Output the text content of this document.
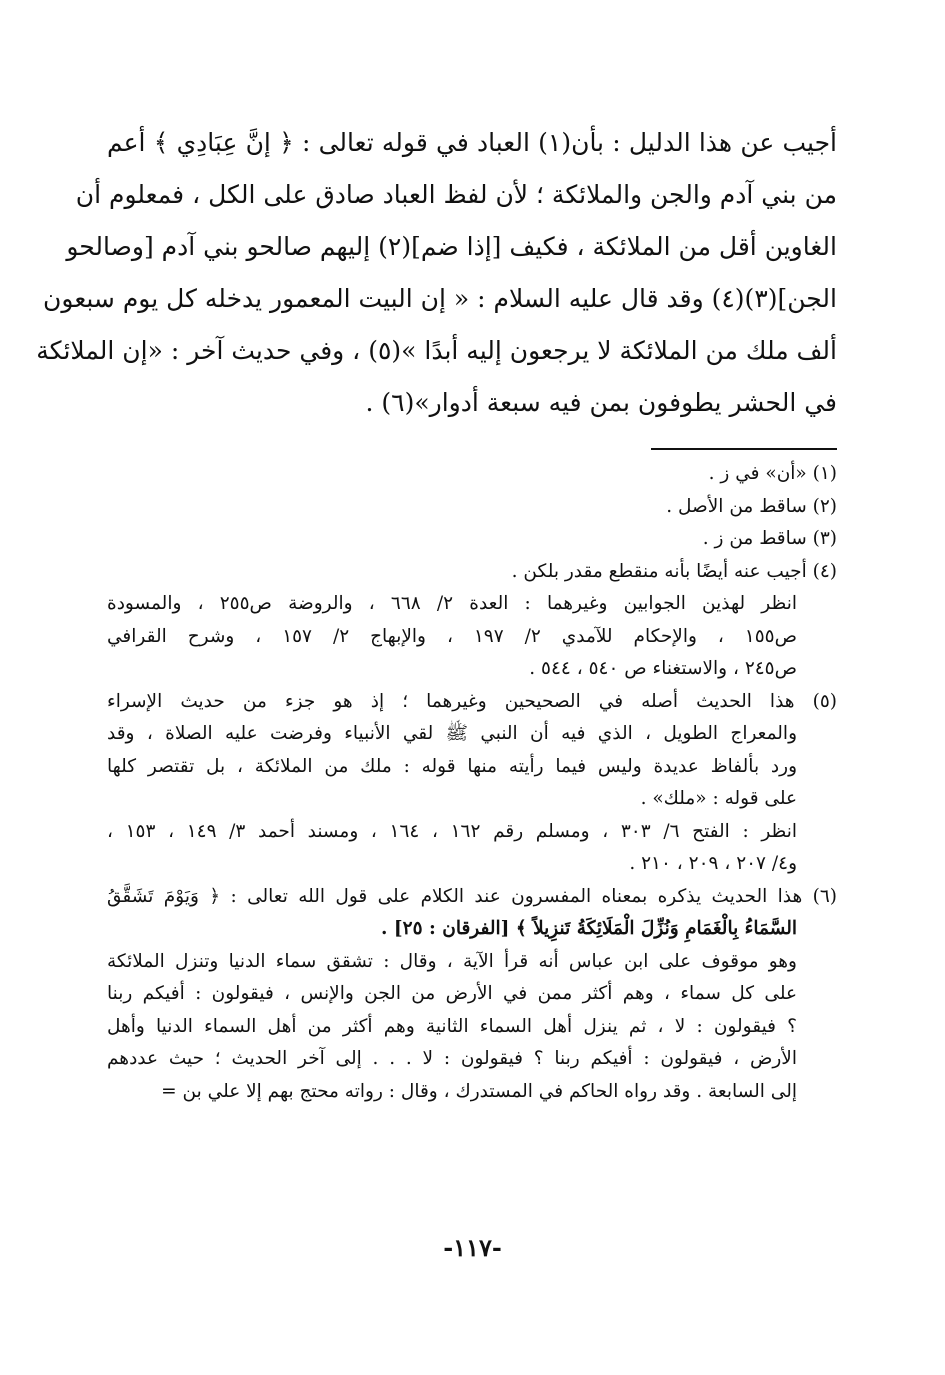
أجيب عن هذا الدليل : بأن(١) العباد في قوله تعالى : ﴿ إنَّ عِبَادِي ﴾ أعم
من بني آدم والجن والملائكة ؛ لأن لفظ العباد صادق على الكل ، فمعلوم أن
الغاوين أقل من الملائكة ، فكيف [إذا ضم](٢) إليهم صالحو بني آدم [وصالحو
الجن](٣)(٤) وقد قال عليه السلام : « إن البيت المعمور يدخله كل يوم سبعون
ألف ملك من الملائكة لا يرجعون إليه أبدًا »(٥) ، وفي حديث آخر : «إن الملائكة
في الحشر يطوفون بمن فيه سبعة أدوار»(٦) .
(١) «أن» في ز .
(٢) ساقط من الأصل .
(٣) ساقط من ز .
(٤) أجيب عنه أيضًا بأنه منقطع مقدر بلكن .
انظر لهذين الجوابين وغيرهما : العدة ٢/ ٦٦٨ ، والروضة ص٢٥٥ ، والمسودة
ص١٥٥ ، والإحكام للآمدي ٢/ ١٩٧ ، والإبهاج ٢/ ١٥٧ ، وشرح القرافي
ص٢٤٥ ، والاستغناء ص ٥٤٠ ، ٥٤٤ .
(٥) هذا الحديث أصله في الصحيحين وغيرهما ؛ إذ هو جزء من حديث الإسراء
والمعراج الطويل ، الذي فيه أن النبي ﷺ لقي الأنبياء وفرضت عليه الصلاة ، وقد
ورد بألفاظ عديدة وليس فيما رأيته منها قوله : ملك من الملائكة ، بل تقتصر كلها
على قوله : «ملك» .
انظر : الفتح ٦/ ٣٠٣ ، ومسلم رقم ١٦٢ ، ١٦٤ ، ومسند أحمد ٣/ ١٤٩ ، ١٥٣ ،
و٤/ ٢٠٧ ، ٢٠٩ ، ٢١٠ .
(٦) هذا الحديث يذكره بمعناه المفسرون عند الكلام على قول الله تعالى : ﴿ وَيَوْمَ تَشَقَّقُ
السَّمَاءُ بِالْغَمَامِ وَنُزِّلَ الْمَلَائِكَةُ تَنزِيلاً ﴾ [الفرقان : ٢٥] .
وهو موقوف على ابن عباس أنه قرأ الآية ، وقال : تشقق سماء الدنيا وتنزل الملائكة
على كل سماء ، وهم أكثر ممن في الأرض من الجن والإنس ، فيقولون : أفيكم ربنا
؟ فيقولون : لا ، ثم ينزل أهل السماء الثانية وهم أكثر من أهل السماء الدنيا وأهل
الأرض ، فيقولون : أفيكم ربنا ؟ فيقولون : لا . . . إلى آخر الحديث ؛ حيث عددهم
إلى السابعة . وقد رواه الحاكم في المستدرك ، وقال : رواته محتج بهم إلا علي بن =
-١١٧-
